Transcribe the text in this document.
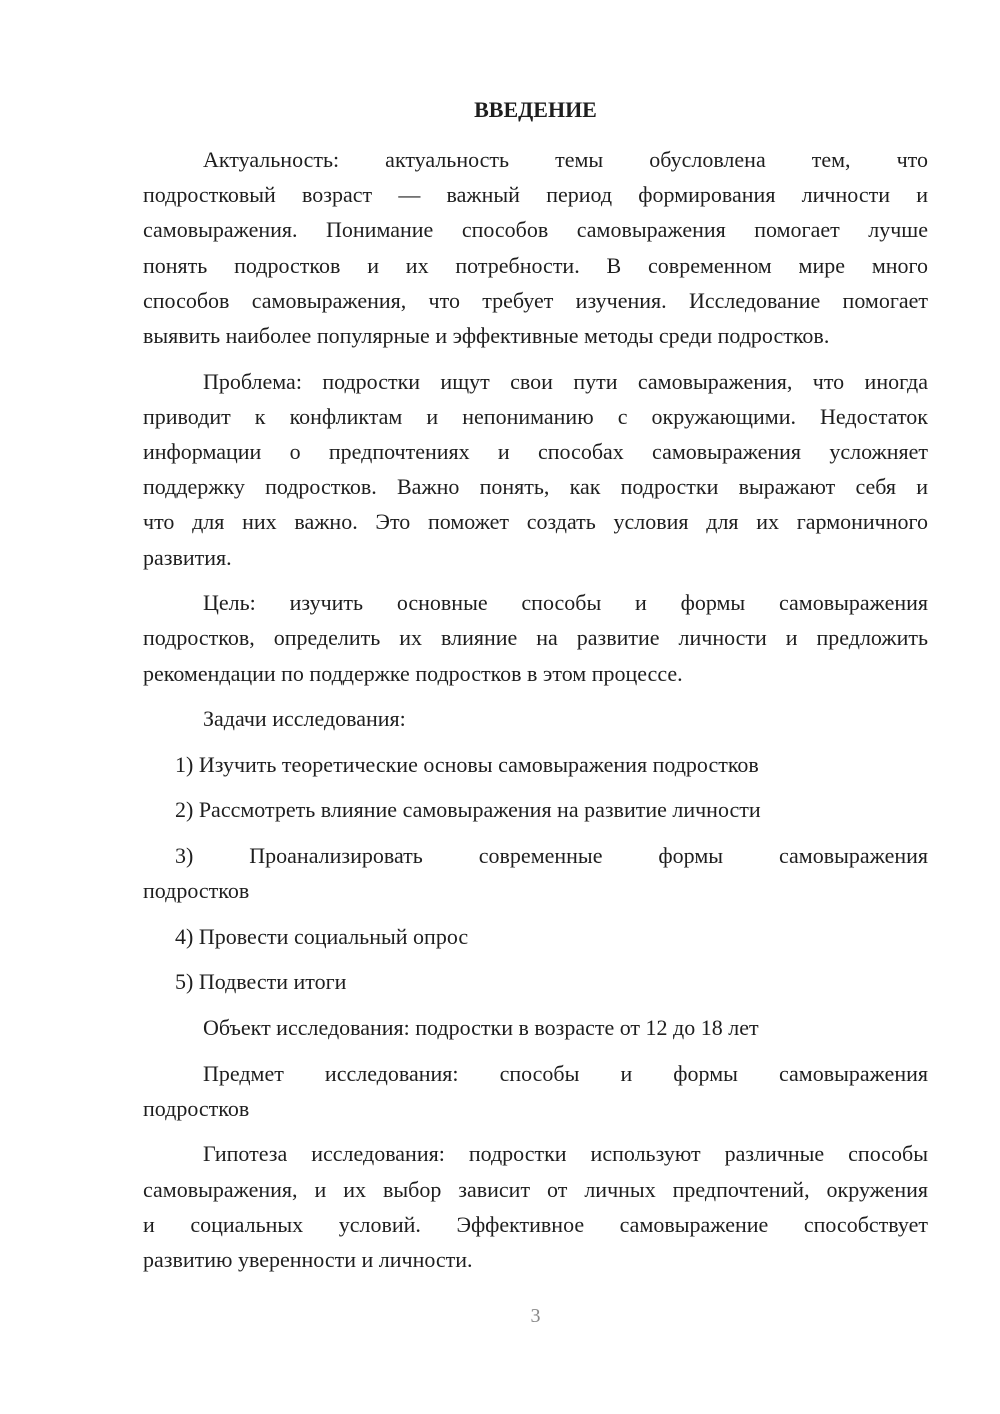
ВВЕДЕНИЕ
Актуальность: актуальность темы обусловлена тем, что
подростковый возраст — важный период формирования личности и
самовыражения. Понимание способов самовыражения помогает лучше
понять подростков и их потребности. В современном мире много
способов самовыражения, что требует изучения. Исследование помогает
выявить наиболее популярные и эффективные методы среди подростков.
Проблема: подростки ищут свои пути самовыражения, что иногда
приводит к конфликтам и непониманию с окружающими. Недостаток
информации о предпочтениях и способах самовыражения усложняет
поддержку подростков. Важно понять, как подростки выражают себя и
что для них важно. Это поможет создать условия для их гармоничного
развития.
Цель: изучить основные способы и формы самовыражения
подростков, определить их влияние на развитие личности и предложить
рекомендации по поддержке подростков в этом процессе.
Задачи исследования:
1) Изучить теоретические основы самовыражения подростков
2) Рассмотреть влияние самовыражения на развитие личности
3) Проанализировать современные формы самовыражения
подростков
4) Провести социальный опрос
5) Подвести итоги
Объект исследования: подростки в возрасте от 12 до 18 лет
Предмет исследования: способы и формы самовыражения
подростков
Гипотеза исследования: подростки используют различные способы
самовыражения, и их выбор зависит от личных предпочтений, окружения
и социальных условий. Эффективное самовыражение способствует
развитию уверенности и личности.
3
